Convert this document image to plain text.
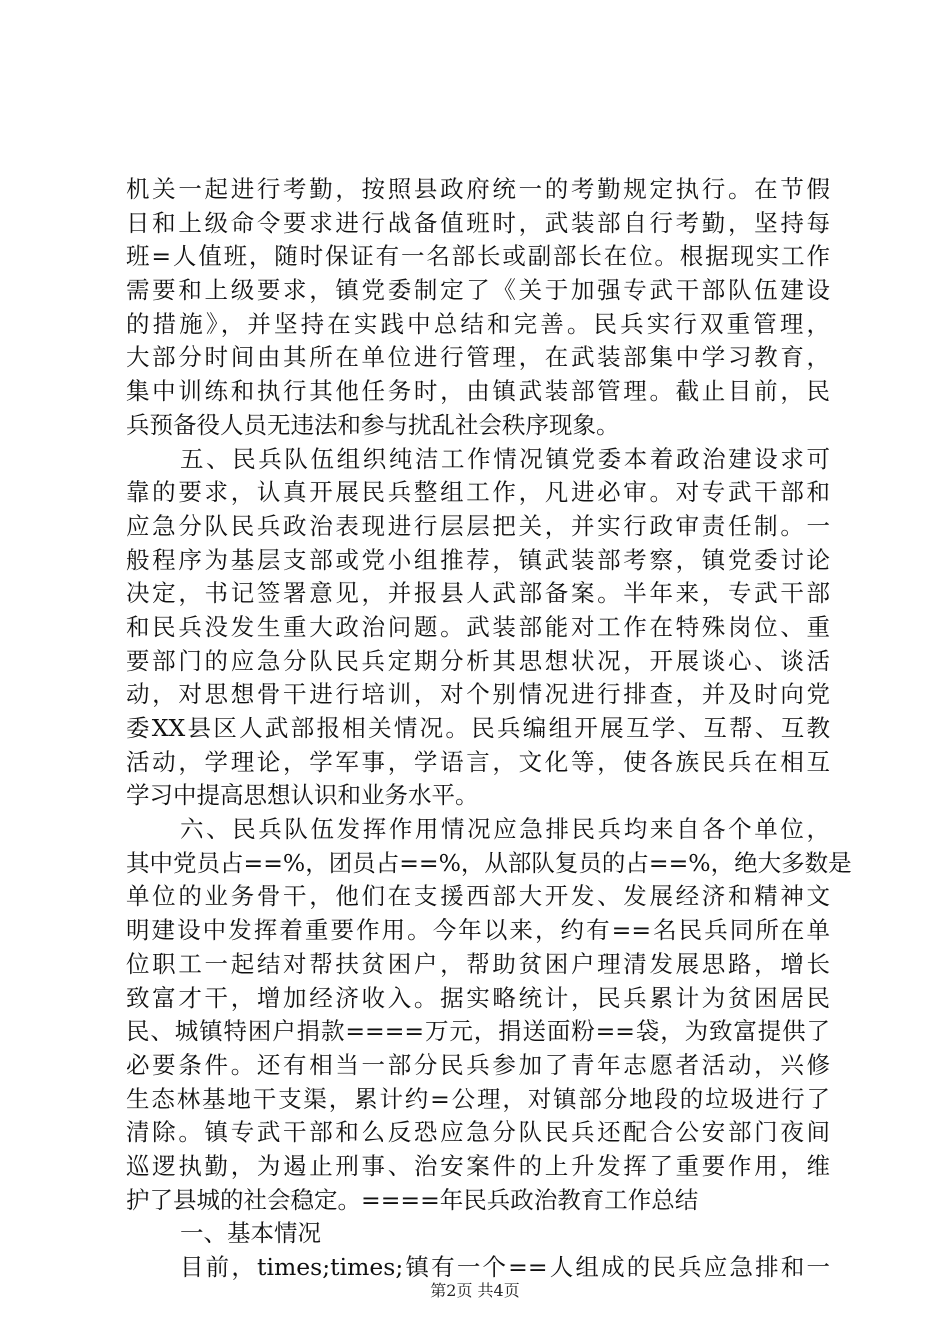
机关一起进行考勤，按照县政府统一的考勤规定执行。在节假
日和上级命令要求进行战备值班时，武装部自行考勤，坚持每
班=人值班，随时保证有一名部长或副部长在位。根据现实工作
需要和上级要求，镇党委制定了《关于加强专武干部队伍建设
的措施》，并坚持在实践中总结和完善。民兵实行双重管理，
大部分时间由其所在单位进行管理，在武装部集中学习教育，
集中训练和执行其他任务时，由镇武装部管理。截止目前，民
兵预备役人员无违法和参与扰乱社会秩序现象。
五、民兵队伍组织纯洁工作情况镇党委本着政治建设求可
靠的要求，认真开展民兵整组工作，凡进必审。对专武干部和
应急分队民兵政治表现进行层层把关，并实行政审责任制。一
般程序为基层支部或党小组推荐，镇武装部考察，镇党委讨论
决定，书记签署意见，并报县人武部备案。半年来，专武干部
和民兵没发生重大政治问题。武装部能对工作在特殊岗位、重
要部门的应急分队民兵定期分析其思想状况，开展谈心、谈活
动，对思想骨干进行培训，对个别情况进行排查，并及时向党
委XX县区人武部报相关情况。民兵编组开展互学、互帮、互教
活动，学理论，学军事，学语言，文化等，使各族民兵在相互
学习中提高思想认识和业务水平。
六、民兵队伍发挥作用情况应急排民兵均来自各个单位，
其中党员占==%，团员占==%，从部队复员的占==%，绝大多数是
单位的业务骨干，他们在支援西部大开发、发展经济和精神文
明建设中发挥着重要作用。今年以来，约有==名民兵同所在单
位职工一起结对帮扶贫困户，帮助贫困户理清发展思路，增长
致富才干，增加经济收入。据实略统计，民兵累计为贫困居民
民、城镇特困户捐款====万元，捐送面粉==袋，为致富提供了
必要条件。还有相当一部分民兵参加了青年志愿者活动，兴修
生态林基地干支渠，累计约=公理，对镇部分地段的垃圾进行了
清除。镇专武干部和么反恐应急分队民兵还配合公安部门夜间
巡逻执勤，为遏止刑事、治安案件的上升发挥了重要作用，维
护了县城的社会稳定。====年民兵政治教育工作总结
一、基本情况
目前，times;times;镇有一个==人组成的民兵应急排和一
第2页 共4页
